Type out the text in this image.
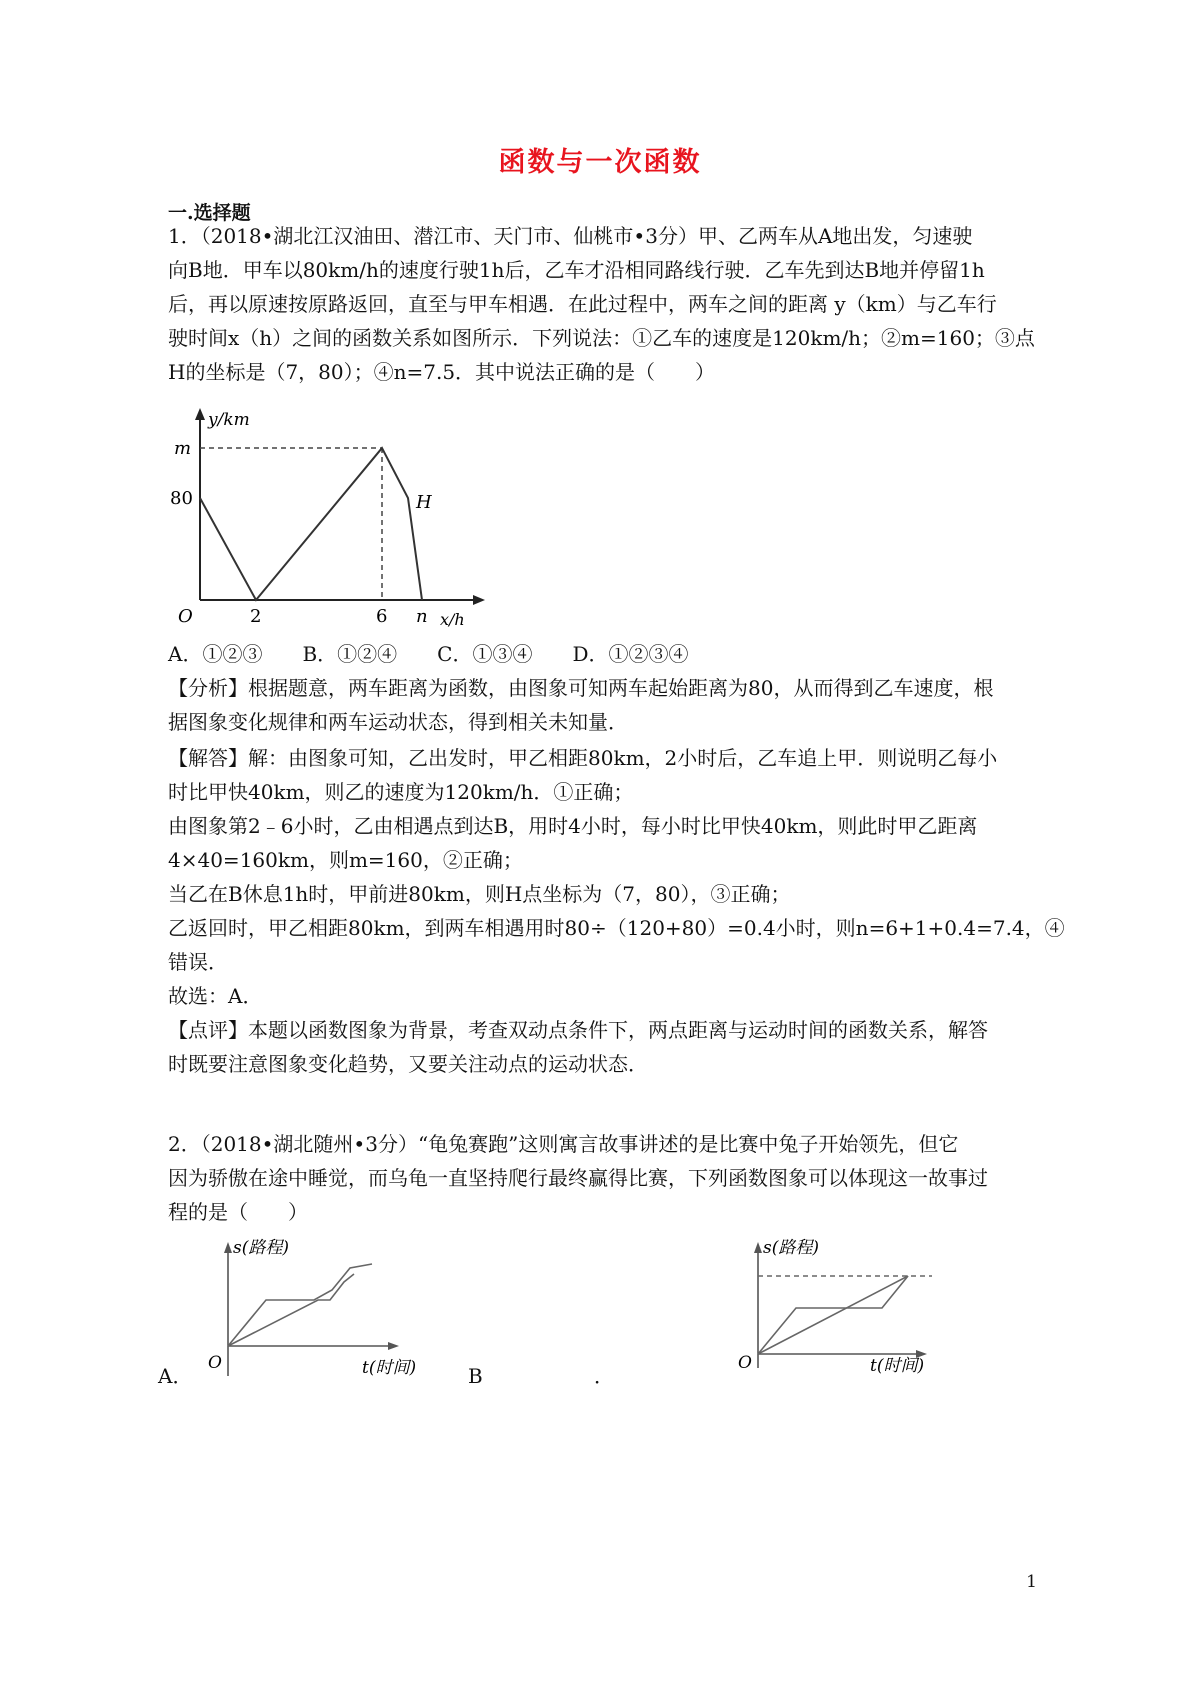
函数与一次函数
一.选择题
1．（2018•湖北江汉油田、潜江市、天门市、仙桃市•3分）甲、乙两车从A地出发，匀速驶
向B地．甲车以80km/h的速度行驶1h后，乙车才沿相同路线行驶．乙车先到达B地并停留1h
后，再以原速按原路返回，直至与甲车相遇．在此过程中，两车之间的距离 y（km）与乙车行
驶时间x（h）之间的函数关系如图所示．下列说法：①乙车的速度是120km/h；②m=160；③点
H的坐标是（7，80）；④n=7.5．其中说法正确的是（　　）
y/km
m
80
O	2	6 n
H
x/h
A．①②③　　B．①②④　　C．①③④　　D．①②③④
【分析】根据题意，两车距离为函数，由图象可知两车起始距离为80，从而得到乙车速度，根
据图象变化规律和两车运动状态，得到相关未知量．
【解答】解：由图象可知，乙出发时，甲乙相距80km，2小时后，乙车追上甲．则说明乙每小
时比甲快40km，则乙的速度为120km/h．①正确；
由图象第2﹣6小时，乙由相遇点到达B，用时4小时，每小时比甲快40km，则此时甲乙距离
4×40=160km，则m=160，②正确；
当乙在B休息1h时，甲前进80km，则H点坐标为（7，80），③正确；
乙返回时，甲乙相距80km，到两车相遇用时80÷（120+80）=0.4小时，则n=6+1+0.4=7.4，④
错误．
故选：A．
【点评】本题以函数图象为背景，考查双动点条件下，两点距离与运动时间的函数关系，解答
时既要注意图象变化趋势，又要关注动点的运动状态．
2．（2018•湖北随州•3分）“龟兔赛跑”这则寓言故事讲述的是比赛中兔子开始领先，但它
因为骄傲在途中睡觉，而乌龟一直坚持爬行最终赢得比赛，下列函数图象可以体现这一故事过
程的是（　　）
s(路程)
O	t(时间)
A．	B	．
s(路程)
O	t(时间)
1
